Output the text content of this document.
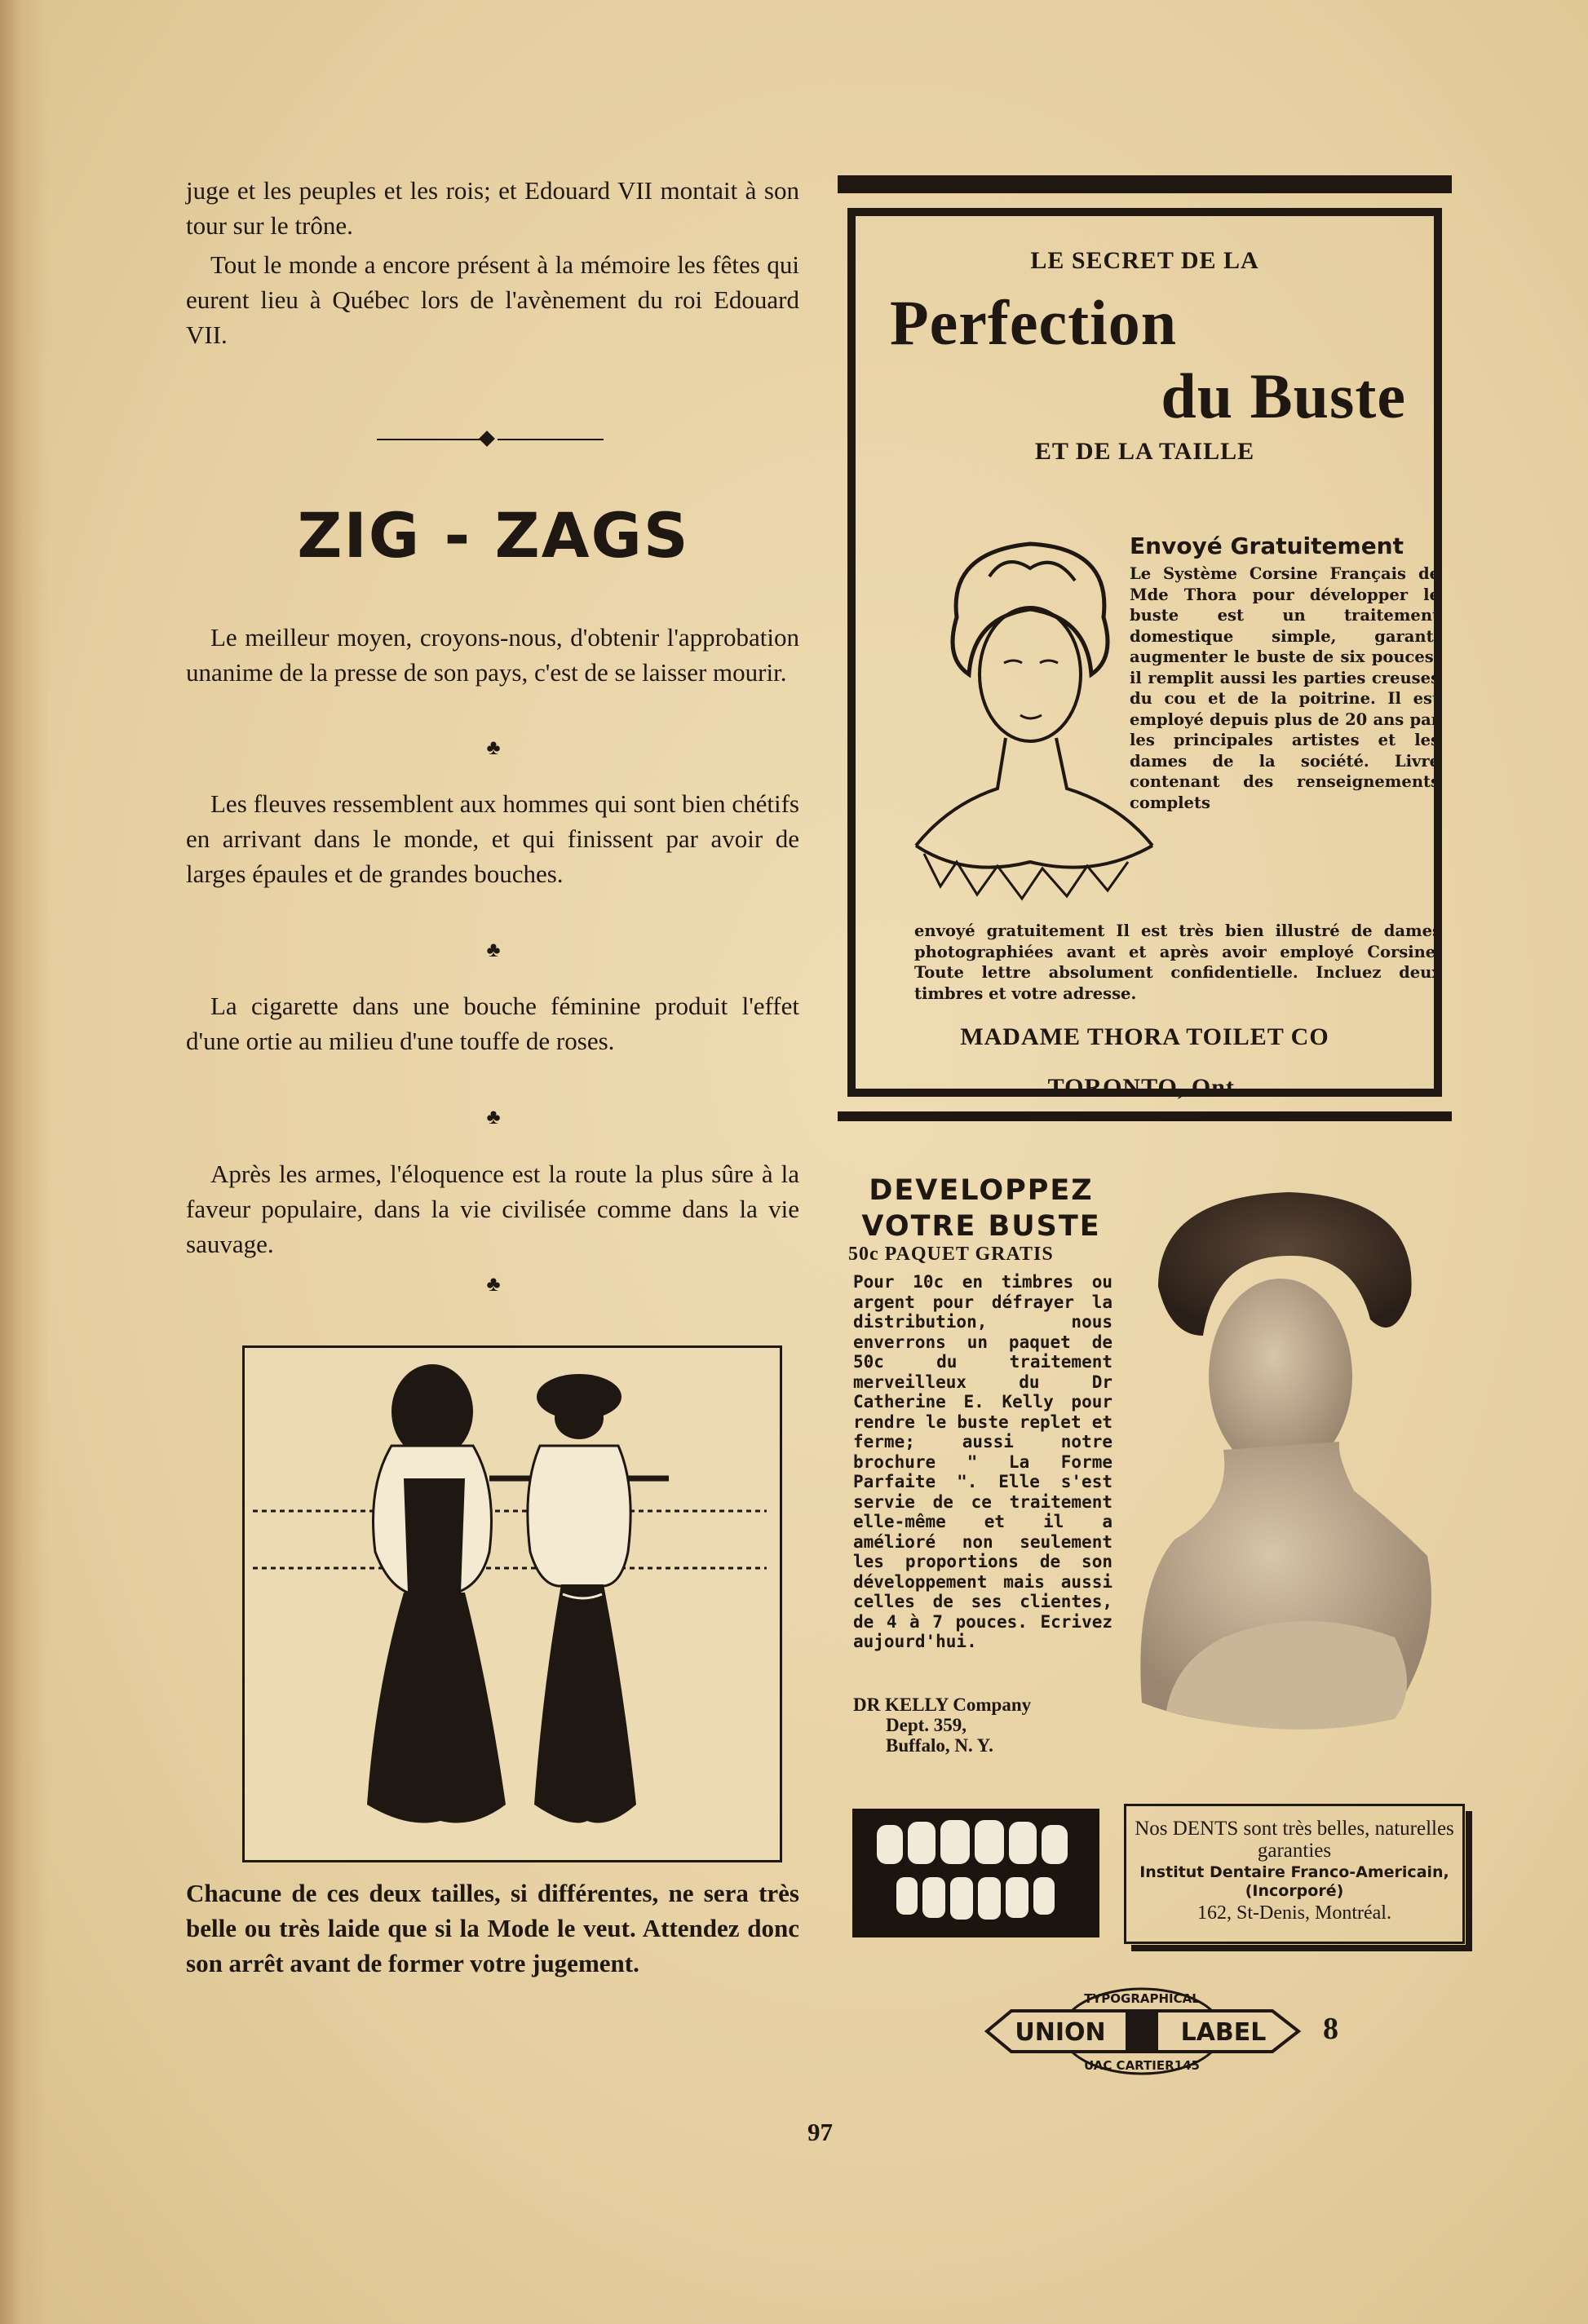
juge et les peuples et les rois; et Edouard VII montait à son tour sur le trône.

Tout le monde a encore présent à la mémoire les fêtes qui eurent lieu à Québec lors de l'avènement du roi Edouard VII.

ZIG - ZAGS

Le meilleur moyen, croyons-nous, d'obtenir l'approbation unanime de la presse de son pays, c'est de se laisser mourir.

♣

Les fleuves ressemblent aux hommes qui sont bien chétifs en arrivant dans le monde, et qui finissent par avoir de larges épaules et de grandes bouches.

♣

La cigarette dans une bouche féminine produit l'effet d'une ortie au milieu d'une touffe de roses.

♣

Après les armes, l'éloquence est la route la plus sûre à la faveur populaire, dans la vie civilisée comme dans la vie sauvage.

♣

Chacune de ces deux tailles, si différentes, ne sera très belle ou très laide que si la Mode le veut. Attendez donc son arrêt avant de former votre jugement.

LE SECRET DE LA

Perfection

du Buste

ET DE LA TAILLE

Envoyé Gratuitement

Le Système Corsine Français de Mde Thora pour développer le buste est un traitement domestique simple, garanti augmenter le buste de six pouces; il remplit aussi les parties creuses du cou et de la poitrine. Il est employé depuis plus de 20 ans par les principales artistes et les dames de la société. Livre contenant des renseignements complets

envoyé gratuitement Il est très bien illustré de dames photographiées avant et après avoir employé Corsine. Toute lettre absolument confidentielle. Incluez deux timbres et votre adresse.

MADAME THORA TOILET CO

TORONTO, Ont.

DEVELOPPEZ
VOTRE BUSTE

50c PAQUET GRATIS

Pour 10c en timbres ou argent pour défrayer la distribution, nous enverrons un paquet de 50c du traitement merveilleux du Dr Catherine E. Kelly pour rendre le buste replet et ferme; aussi notre brochure " La Forme Parfaite ". Elle s'est servie de ce traitement elle-même et il a amélioré non seulement les proportions de son développement mais aussi celles de ses clientes, de 4 à 7 pouces. Ecrivez aujourd'hui.

DR KELLY Company
Dept. 359,
Buffalo, N. Y.

Nos DENTS sont très belles, naturelles garanties

Institut Dentaire Franco-Americain, (Incorporé)

162, St-Denis, Montréal.

UNION	LABEL
TYPOGRAPHICAL
UAC CARTIER145

8

97
